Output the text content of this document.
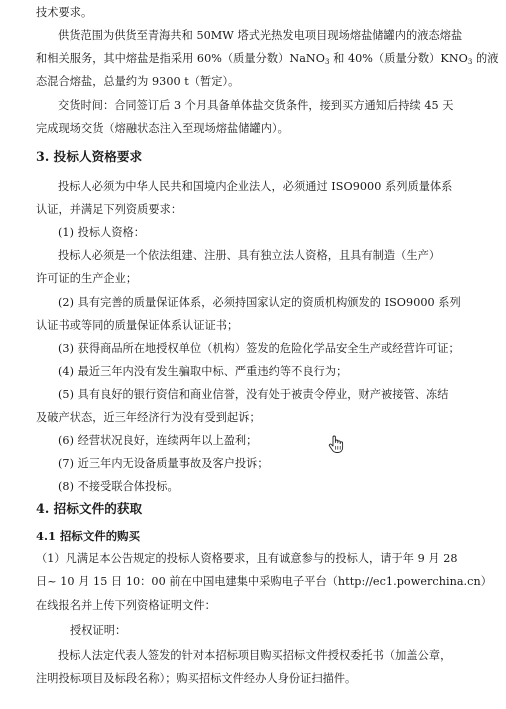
技术要求。
供货范围为供货至青海共和 50MW 塔式光热发电项目现场熔盐储罐内的液态熔盐
和相关服务，其中熔盐是指采用 60%（质量分数）NaNO$_3$ 和 40%（质量分数）$KNO_3$ 的液
态混合熔盐，总量约为 9300 t（暂定）。
交货时间：合同签订后 3 个月具备单体盐交货条件，接到买方通知后持续 45 天
完成现场交货（熔融状态注入至现场熔盐储罐内）。
3. 投标人资格要求
投标人必须为中华人民共和国境内企业法人，必须通过 ISO9000 系列质量体系
认证，并满足下列资质要求：
(1) 投标人资格：
投标人必须是一个依法组建、注册、具有独立法人资格，且具有制造（生产）
许可证的生产企业；
(2) 具有完善的质量保证体系，必须持国家认定的资质机构颁发的 ISO9000 系列
认证书或等同的质量保证体系认证证书；
(3) 获得商品所在地授权单位（机构）签发的危险化学品安全生产或经营许可证；
(4) 最近三年内没有发生骗取中标、严重违约等不良行为；
(5) 具有良好的银行资信和商业信誉，没有处于被责令停业，财产被接管、冻结
及破产状态，近三年经济行为没有受到起诉；
(6) 经营状况良好，连续两年以上盈利；
(7) 近三年内无设备质量事故及客户投诉；
(8) 不接受联合体投标。
4. 招标文件的获取
4.1 招标文件的购买
（1）凡满足本公告规定的投标人资格要求，且有诚意参与的投标人，请于年 9 月 28
日~ 10 月 15 日 10：00 前在中国电建集中采购电子平台（http://ec1.powerchina.cn）
在线报名并上传下列资格证明文件：
授权证明：
投标人法定代表人签发的针对本招标项目购买招标文件授权委托书（加盖公章，
注明投标项目及标段名称）；购买招标文件经办人身份证扫描件。
